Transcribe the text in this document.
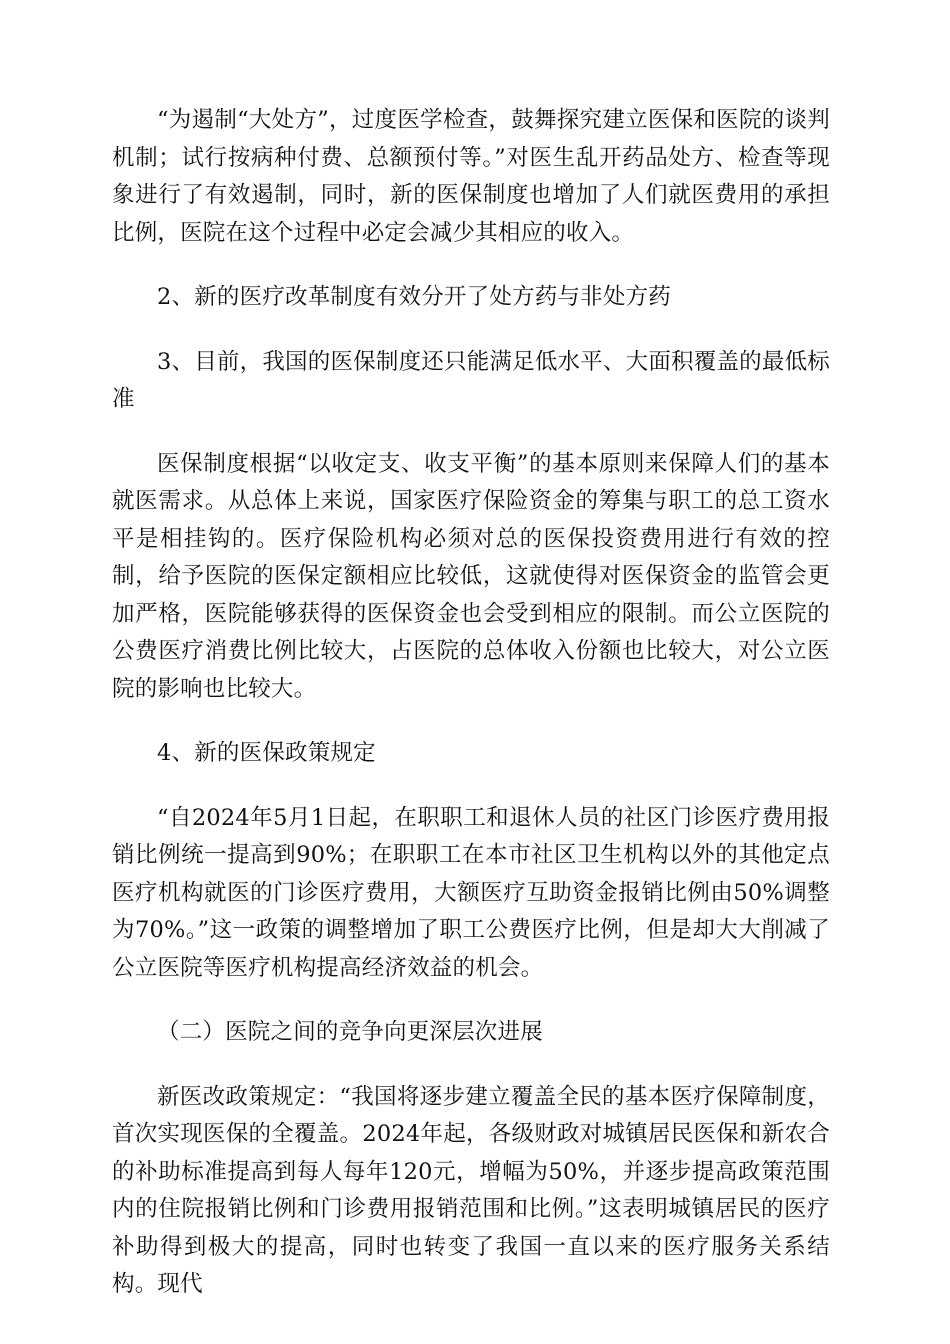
“为遏制“大处方”，过度医学检查，鼓舞探究建立医保和医院的谈判机制；试行按病种付费、总额预付等。”对医生乱开药品处方、检查等现象进行了有效遏制，同时，新的医保制度也增加了人们就医费用的承担比例，医院在这个过程中必定会减少其相应的收入。

2、新的医疗改革制度有效分开了处方药与非处方药

3、目前，我国的医保制度还只能满足低水平、大面积覆盖的最低标准

医保制度根据“以收定支、收支平衡”的基本原则来保障人们的基本就医需求。从总体上来说，国家医疗保险资金的筹集与职工的总工资水平是相挂钩的。医疗保险机构必须对总的医保投资费用进行有效的控制，给予医院的医保定额相应比较低，这就使得对医保资金的监管会更加严格，医院能够获得的医保资金也会受到相应的限制。而公立医院的公费医疗消费比例比较大，占医院的总体收入份额也比较大，对公立医院的影响也比较大。

4、新的医保政策规定

“自2024年5月1日起，在职职工和退休人员的社区门诊医疗费用报销比例统一提高到90%；在职职工在本市社区卫生机构以外的其他定点医疗机构就医的门诊医疗费用，大额医疗互助资金报销比例由50%调整为70%。”这一政策的调整增加了职工公费医疗比例，但是却大大削减了公立医院等医疗机构提高经济效益的机会。

（二）医院之间的竞争向更深层次进展

新医改政策规定：“我国将逐步建立覆盖全民的基本医疗保障制度，首次实现医保的全覆盖。2024年起，各级财政对城镇居民医保和新农合的补助标准提高到每人每年120元，增幅为50%，并逐步提高政策范围内的住院报销比例和门诊费用报销范围和比例。”这表明城镇居民的医疗补助得到极大的提高，同时也转变了我国一直以来的医疗服务关系结构。现代
